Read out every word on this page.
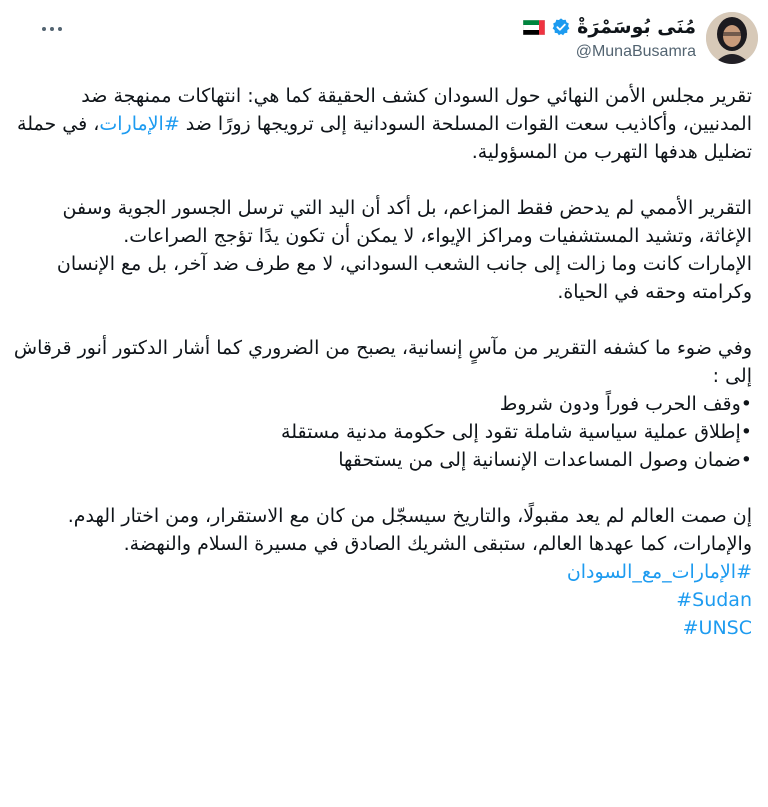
مُنَى بُوسَمْرَةْ
@MunaBusamra

تقرير مجلس الأمن النهائي حول السودان كشف الحقيقة كما هي: انتهاكات ممنهجة ضد المدنيين، وأكاذيب سعت القوات المسلحة السودانية إلى ترويجها زورًا ضد #الإمارات، في حملة تضليل هدفها التهرب من المسؤولية.

التقرير الأممي لم يدحض فقط المزاعم، بل أكد أن اليد التي ترسل الجسور الجوية وسفن الإغاثة، وتشيد المستشفيات ومراكز الإيواء، لا يمكن أن تكون يدًا تؤجج الصراعات.

الإمارات كانت وما زالت إلى جانب الشعب السوداني، لا مع طرف ضد آخر، بل مع الإنسان وكرامته وحقه في الحياة.

وفي ضوء ما كشفه التقرير من مآسٍ إنسانية، يصبح من الضروري كما أشار الدكتور أنور قرقاش إلى :

•وقف الحرب فوراً ودون شروط

•إطلاق عملية سياسية شاملة تقود إلى حكومة مدنية مستقلة

•ضمان وصول المساعدات الإنسانية إلى من يستحقها

إن صمت العالم لم يعد مقبولًا، والتاريخ سيسجّل من كان مع الاستقرار، ومن اختار الهدم.

والإمارات، كما عهدها العالم، ستبقى الشريك الصادق في مسيرة السلام والنهضة.

#الإمارات_مع_السودان
#Sudan
#UNSC
